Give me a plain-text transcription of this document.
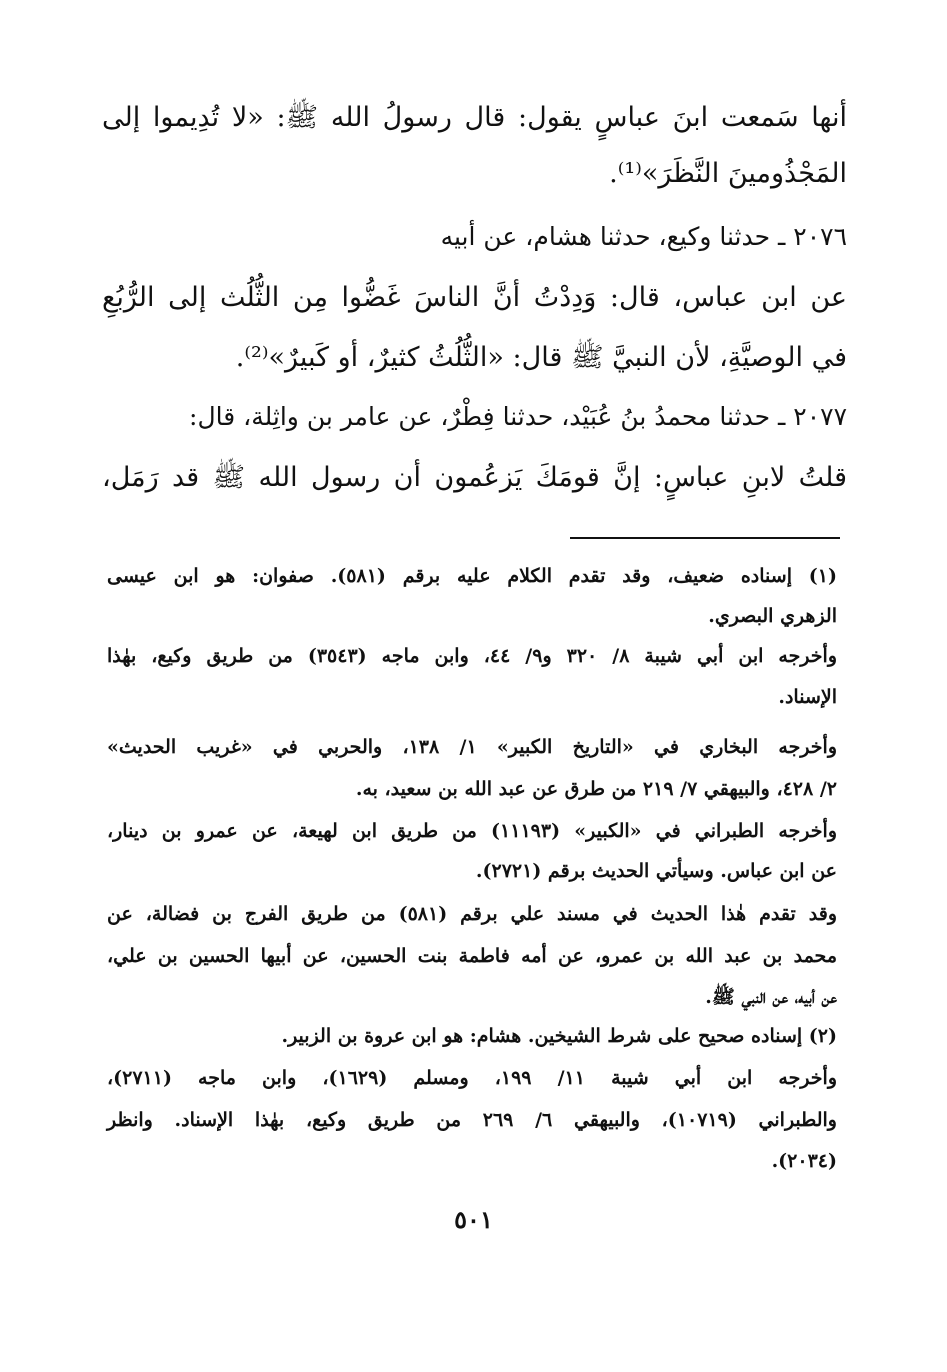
أنها سَمعت ابنَ عباسٍ يقول: قال رسولُ الله ﷺ: «لا تُدِيموا إلى
المَجْذُومينَ النَّظَرَ»⁽¹⁾.
٢٠٧٦ ـ حدثنا وكيع، حدثنا هشام، عن أبيه
عن ابن عباس، قال: وَدِدْتُ أنَّ الناسَ غَضُّوا مِن الثُّلُث إلى الرُّبُعِ
في الوصيَّةِ، لأن النبيَّ ﷺ قال: «الثُّلُثُ كثيرٌ، أو كَبيرٌ»⁽²⁾.
٢٠٧٧ ـ حدثنا محمدُ بنُ عُبَيْد، حدثنا فِطْرٌ، عن عامر بن واثِلة، قال:
قلتُ لابنِ عباسٍ: إنَّ قومَكَ يَزعُمون أن رسول الله ﷺ قد رَمَل،
(١) إسناده ضعيف، وقد تقدم الكلام عليه برقم (٥٨١). صفوان: هو ابن عيسى
الزهري البصري.
وأخرجه ابن أبي شيبة ٨/ ٣٢٠ و٩/ ٤٤، وابن ماجه (٣٥٤٣) من طريق وكيع، بهٰذا
الإسناد.
وأخرجه البخاري في «التاريخ الكبير» ١/ ١٣٨، والحربي في «غريب الحديث»
٢/ ٤٢٨، والبيهقي ٧/ ٢١٩ من طرق عن عبد الله بن سعيد، به.
وأخرجه الطبراني في «الكبير» (١١١٩٣) من طريق ابن لهيعة، عن عمرو بن دينار،
عن ابن عباس. وسيأتي الحديث برقم (٢٧٢١).
وقد تقدم هٰذا الحديث في مسند علي برقم (٥٨١) من طريق الفرج بن فضالة، عن
محمد بن عبد الله بن عمرو، عن أمه فاطمة بنت الحسين، عن أبيها الحسين بن علي،
عن أبيه، عن النبي ﷺ.
(٢) إسناده صحيح على شرط الشيخين. هشام: هو ابن عروة بن الزبير.
وأخرجه ابن أبي شيبة ١١/ ١٩٩، ومسلم (١٦٢٩)، وابن ماجه (٢٧١١)،
والطبراني (١٠٧١٩)، والبيهقي ٦/ ٢٦٩ من طريق وكيع، بهٰذا الإسناد. وانظر
(٢٠٣٤).
٥٠١
